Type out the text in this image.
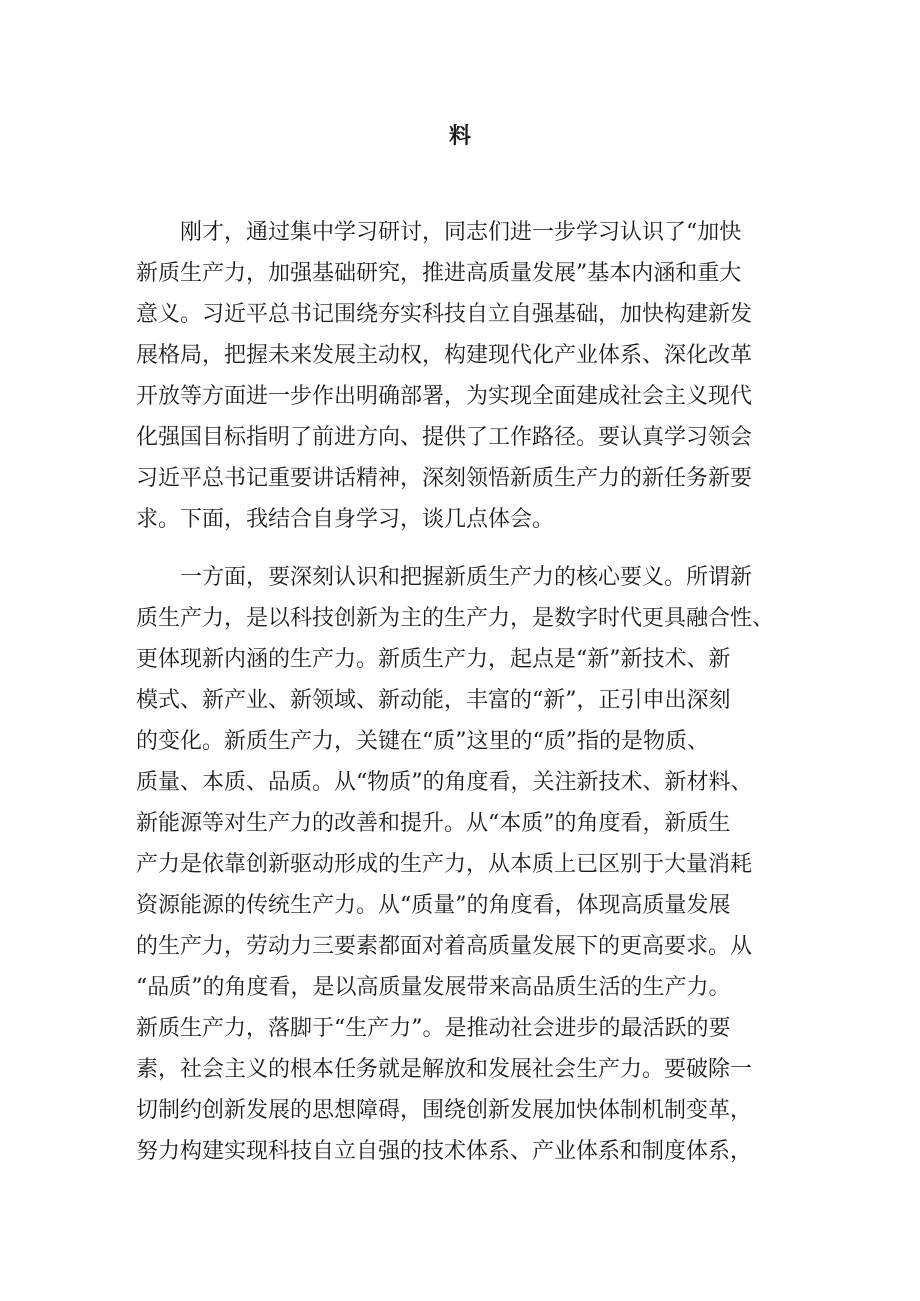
料

　　刚才，通过集中学习研讨，同志们进一步学习认识了“加快

新质生产力，加强基础研究，推进高质量发展”基本内涵和重大

意义。习近平总书记围绕夯实科技自立自强基础，加快构建新发

展格局，把握未来发展主动权，构建现代化产业体系、深化改革

开放等方面进一步作出明确部署，为实现全面建成社会主义现代

化强国目标指明了前进方向、提供了工作路径。要认真学习领会

习近平总书记重要讲话精神，深刻领悟新质生产力的新任务新要

求。下面，我结合自身学习，谈几点体会。

　　一方面，要深刻认识和把握新质生产力的核心要义。所谓新

质生产力，是以科技创新为主的生产力，是数字时代更具融合性、

更体现新内涵的生产力。新质生产力，起点是“新”新技术、新

模式、新产业、新领域、新动能，丰富的“新”，正引申出深刻

的变化。新质生产力，关键在“质”这里的“质”指的是物质、

质量、本质、品质。从“物质”的角度看，关注新技术、新材料、

新能源等对生产力的改善和提升。从“本质”的角度看，新质生

产力是依靠创新驱动形成的生产力，从本质上已区别于大量消耗

资源能源的传统生产力。从“质量”的角度看，体现高质量发展

的生产力，劳动力三要素都面对着高质量发展下的更高要求。从

“品质”的角度看，是以高质量发展带来高品质生活的生产力。

新质生产力，落脚于“生产力”。是推动社会进步的最活跃的要

素，社会主义的根本任务就是解放和发展社会生产力。要破除一

切制约创新发展的思想障碍，围绕创新发展加快体制机制变革，

努力构建实现科技自立自强的技术体系、产业体系和制度体系，
